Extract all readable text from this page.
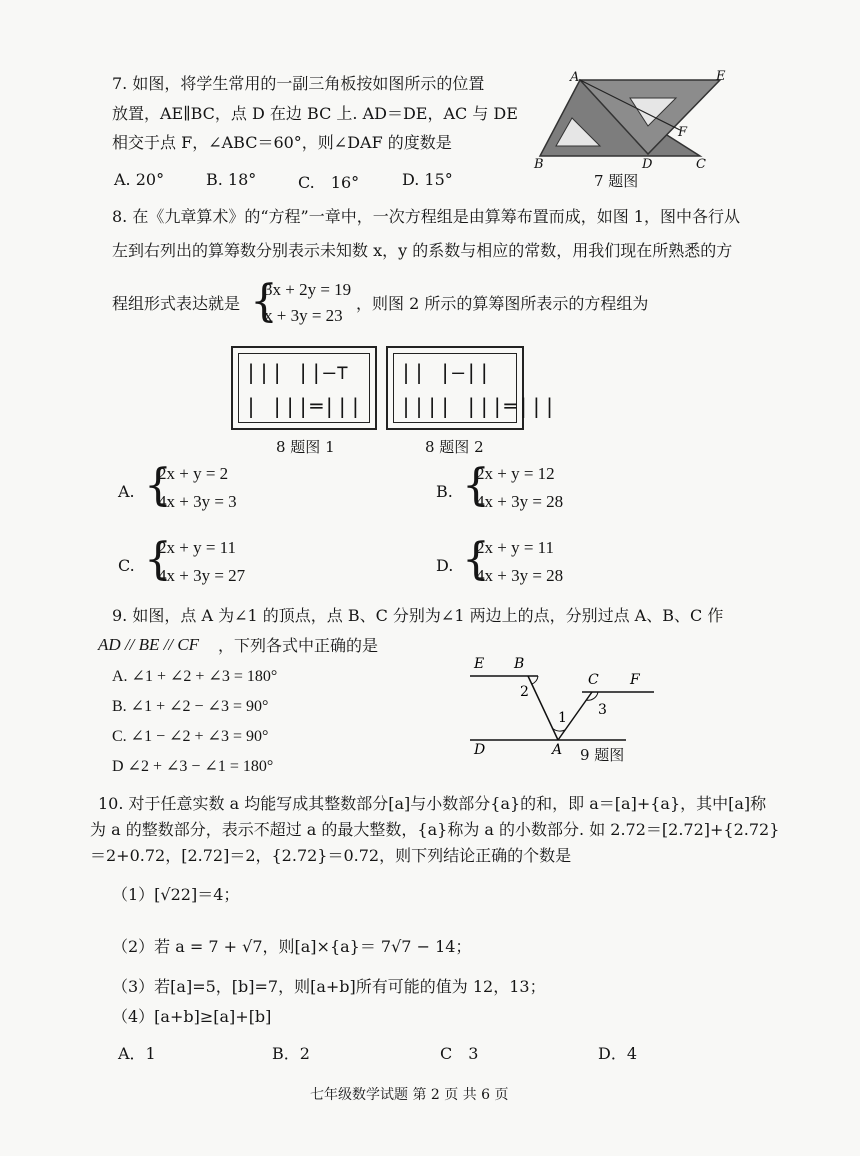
7. 如图，将学生常用的一副三角板按如图所示的位置
放置，AE∥BC，点 D 在边 BC 上. AD＝DE，AC 与 DE
相交于点 F，∠ABC＝60°，则∠DAF 的度数是
A. 20°	B. 18°	C.　16°	D. 15°
A	E
B	D	C
F
7 题图
8. 在《九章算术》的“方程”一章中，一次方程组是由算筹布置而成，如图 1，图中各行从
左到右列出的算筹数分别表示未知数 x，y 的系数与相应的常数，用我们现在所熟悉的方
程组形式表达就是 {
3x + 2y = 19
x + 3y = 23
，则图 2 所示的算筹图所表示的方程组为
||| ||—⊤
| |||═|||
|| |—||
|||| |||═|||
8 题图 1	8 题图 2
A. {
2x + y = 2
4x + 3y = 3
B. {
2x + y = 12
4x + 3y = 28
C. {
2x + y = 11
4x + 3y = 27
D. {
2x + y = 11
4x + 3y = 28
9. 如图，点 A 为∠1 的顶点，点 B、C 分别为∠1 两边上的点，分别过点 A、B、C 作
AD // BE // CF ，下列各式中正确的是
A. ∠1 + ∠2 + ∠3 = 180°
B. ∠1 + ∠2 − ∠3 = 90°
C. ∠1 − ∠2 + ∠3 = 90°
D ∠2 + ∠3 − ∠1 = 180°
E B
C F
D	A
1
2
3
9 题图
10. 对于任意实数 a 均能写成其整数部分[a]与小数部分{a}的和，即 a＝[a]+{a}，其中[a]称
为 a 的整数部分，表示不超过 a 的最大整数，{a}称为 a 的小数部分. 如 2.72＝[2.72]+{2.72}
＝2+0.72，[2.72]＝2，{2.72}＝0.72，则下列结论正确的个数是
（1）[√22]＝4；
（2）若 a = 7 + √7，则[a]×{a}＝ 7√7 − 14；
（3）若[a]=5，[b]=7，则[a+b]所有可能的值为 12，13；
（4）[a+b]≥[a]+[b]
A．1	B．2	C　3	D．4
七年级数学试题 第 2 页 共 6 页
